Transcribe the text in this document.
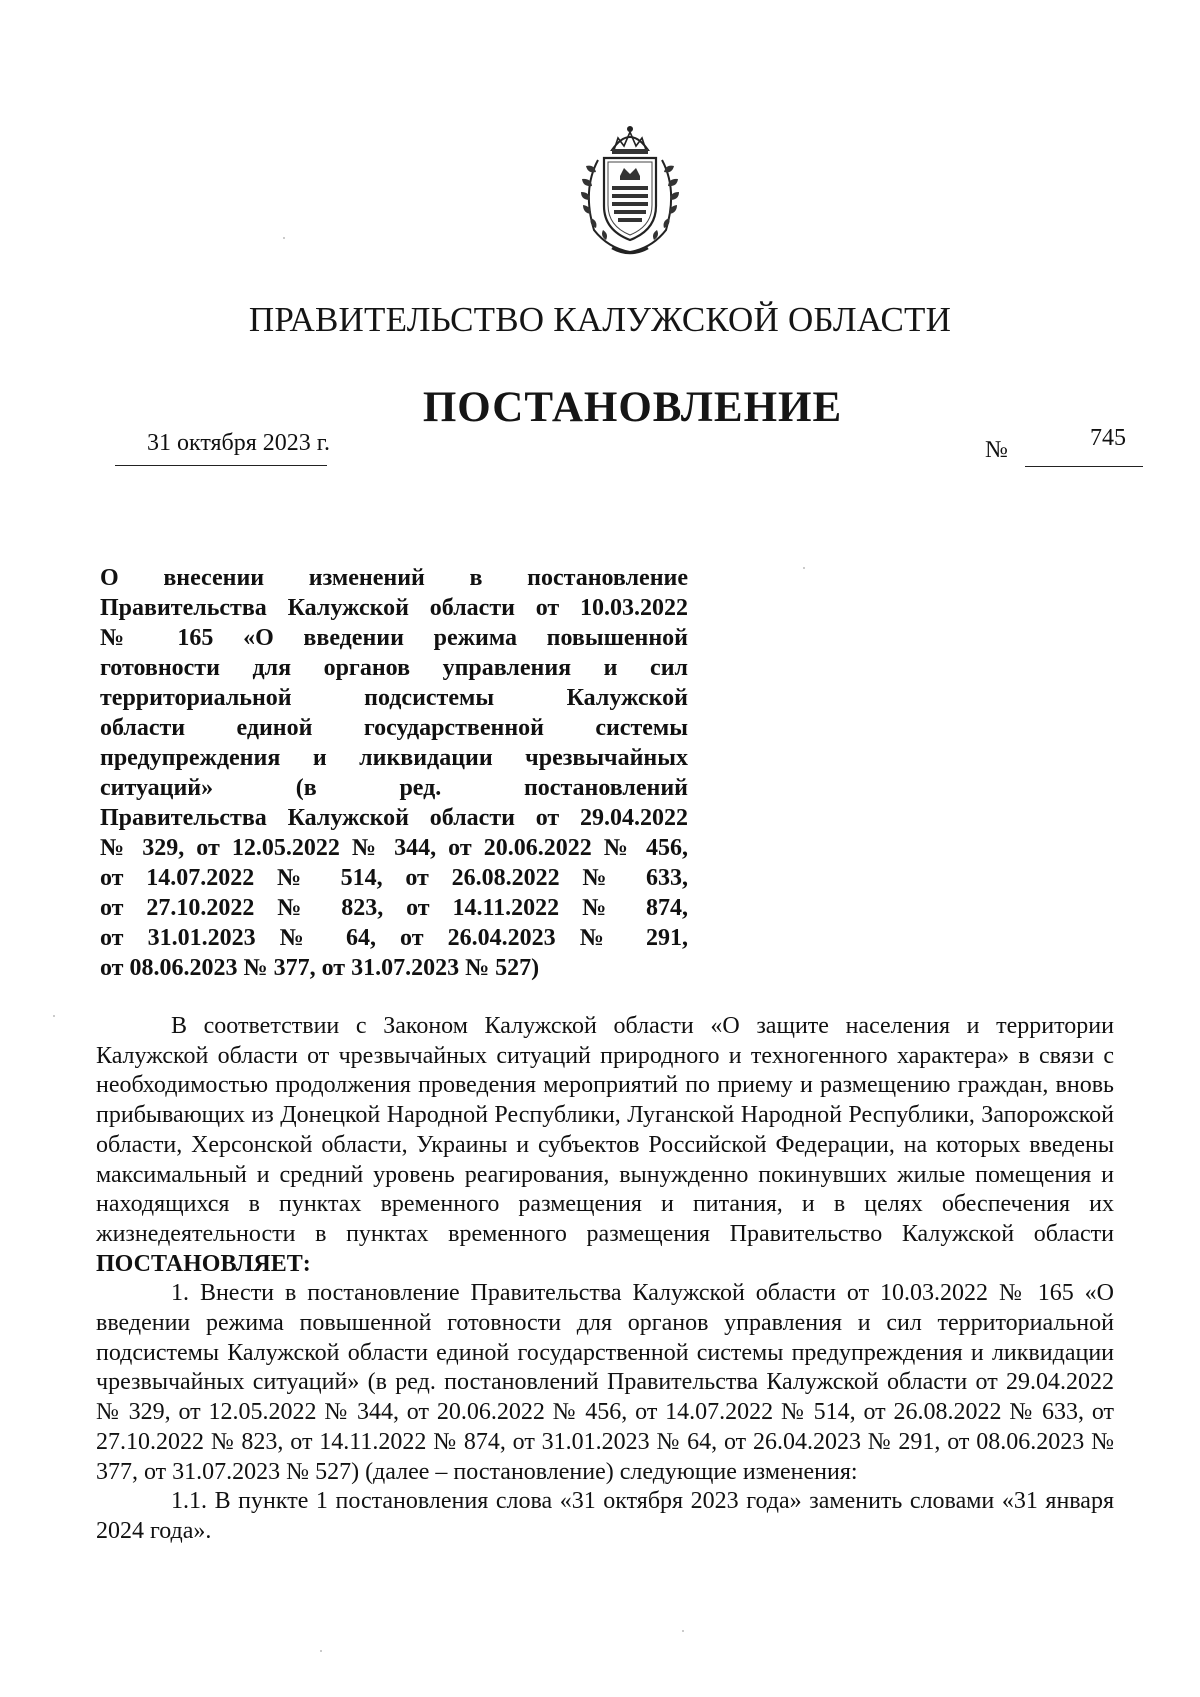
ПРАВИТЕЛЬСТВО КАЛУЖСКОЙ ОБЛАСТИ
ПОСТАНОВЛЕНИЕ
31 октября 2023 г.	№	745
О внесении изменений в постановление
Правительства Калужской области от 10.03.2022
№ 165 «О введении режима повышенной
готовности для органов управления и сил
территориальной подсистемы Калужской
области единой государственной системы
предупреждения и ликвидации чрезвычайных
ситуаций» (в ред. постановлений
Правительства Калужской области от 29.04.2022
№ 329, от 12.05.2022 № 344, от 20.06.2022 № 456,
от 14.07.2022 № 514, от 26.08.2022 № 633,
от 27.10.2022 № 823, от 14.11.2022 № 874,
от 31.01.2023 № 64, от 26.04.2023 № 291,
от 08.06.2023 № 377, от 31.07.2023 № 527)

В соответствии с Законом Калужской области «О защите населения и территории Калужской области от чрезвычайных ситуаций природного и техногенного характера» в связи с необходимостью продолжения проведения мероприятий по приему и размещению граждан, вновь прибывающих из Донецкой Народной Республики, Луганской Народной Республики, Запорожской области, Херсонской области, Украины и субъектов Российской Федерации, на которых введены максимальный и средний уровень реагирования, вынужденно покинувших жилые помещения и находящихся в пунктах временного размещения и питания, и в целях обеспечения их жизнедеятельности в пунктах временного размещения Правительство Калужской области ПОСТАНОВЛЯЕТ:

1. Внести в постановление Правительства Калужской области от 10.03.2022 № 165 «О введении режима повышенной готовности для органов управления и сил территориальной подсистемы Калужской области единой государственной системы предупреждения и ликвидации чрезвычайных ситуаций» (в ред. постановлений Правительства Калужской области от 29.04.2022 № 329, от 12.05.2022 № 344, от 20.06.2022 № 456, от 14.07.2022 № 514, от 26.08.2022 № 633, от 27.10.2022 № 823, от 14.11.2022 № 874, от 31.01.2023 № 64, от 26.04.2023 № 291, от 08.06.2023 № 377, от 31.07.2023 № 527) (далее – постановление) следующие изменения:

1.1. В пункте 1 постановления слова «31 октября 2023 года» заменить словами «31 января 2024 года».
